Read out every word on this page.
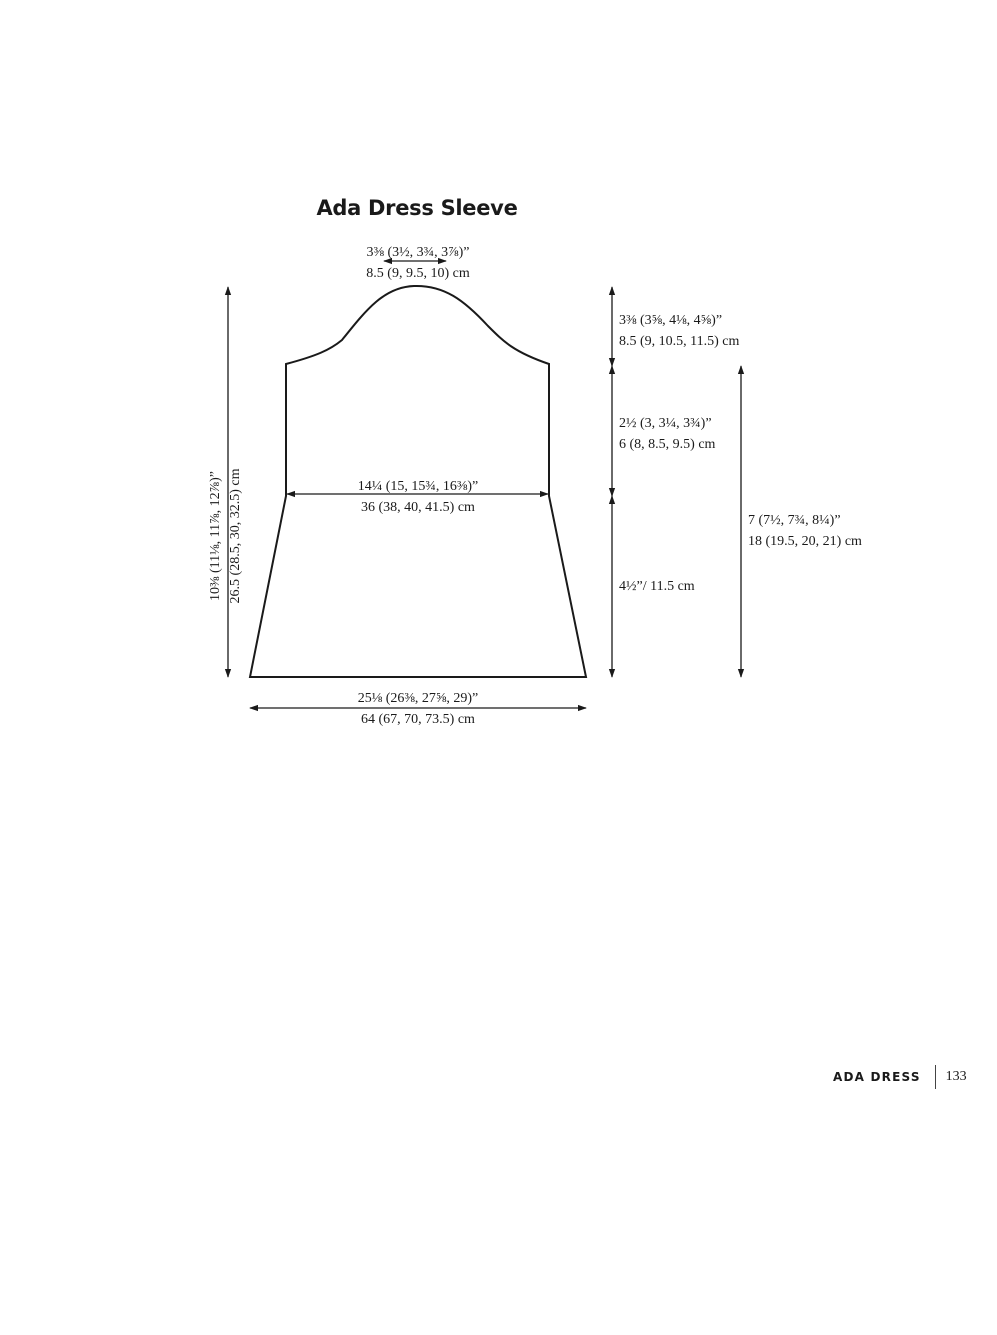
Ada Dress Sleeve
3⅜ (3½, 3¾, 3⅞)”
8.5 (9, 9.5, 10) cm
3⅜ (3⅝, 4⅛, 4⅝)”
8.5 (9, 10.5, 11.5) cm
2½ (3, 3¼, 3¾)”
6 (8, 8.5, 9.5) cm
14¼ (15, 15¾, 16⅜)”
36 (38, 40, 41.5) cm
4½”/ 11.5 cm
7 (7½, 7¾, 8¼)”
18 (19.5, 20, 21) cm
25⅛ (26⅜, 27⅝, 29)”
64 (67, 70, 73.5) cm
10⅜ (11⅛, 11⅞, 12⅞)” 26.5 (28.5, 30, 32.5) cm
ADA DRESS 133
